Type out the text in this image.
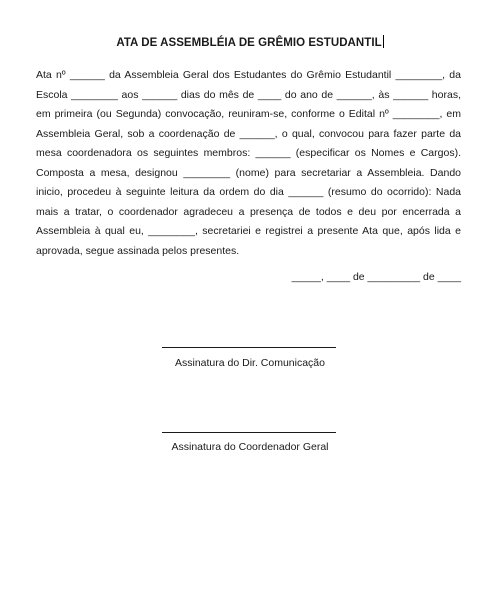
ATA DE ASSEMBLÉIA DE GRÊMIO ESTUDANTIL
Ata nº ______ da Assembleia Geral dos Estudantes do Grêmio Estudantil ________, da Escola ________ aos ______ dias do mês de ____ do ano de ______, às ______ horas, em primeira (ou Segunda) convocação, reuniram-se, conforme o Edital nº ________, em Assembleia Geral, sob a coordenação de ______, o qual, convocou para fazer parte da mesa coordenadora os seguintes membros: ______ (especificar os Nomes e Cargos). Composta a mesa, designou ________ (nome) para secretariar a Assembleia. Dando inicio, procedeu à seguinte leitura da ordem do dia ______ (resumo do ocorrido): Nada mais a tratar, o coordenador agradeceu a presença de todos e deu por encerrada a Assembleia à qual eu, ________, secretariei e registrei a presente Ata que, após lida e aprovada, segue assinada pelos presentes.
_____, ____ de _________ de ____
Assinatura do Dir. Comunicação
Assinatura do Coordenador Geral
